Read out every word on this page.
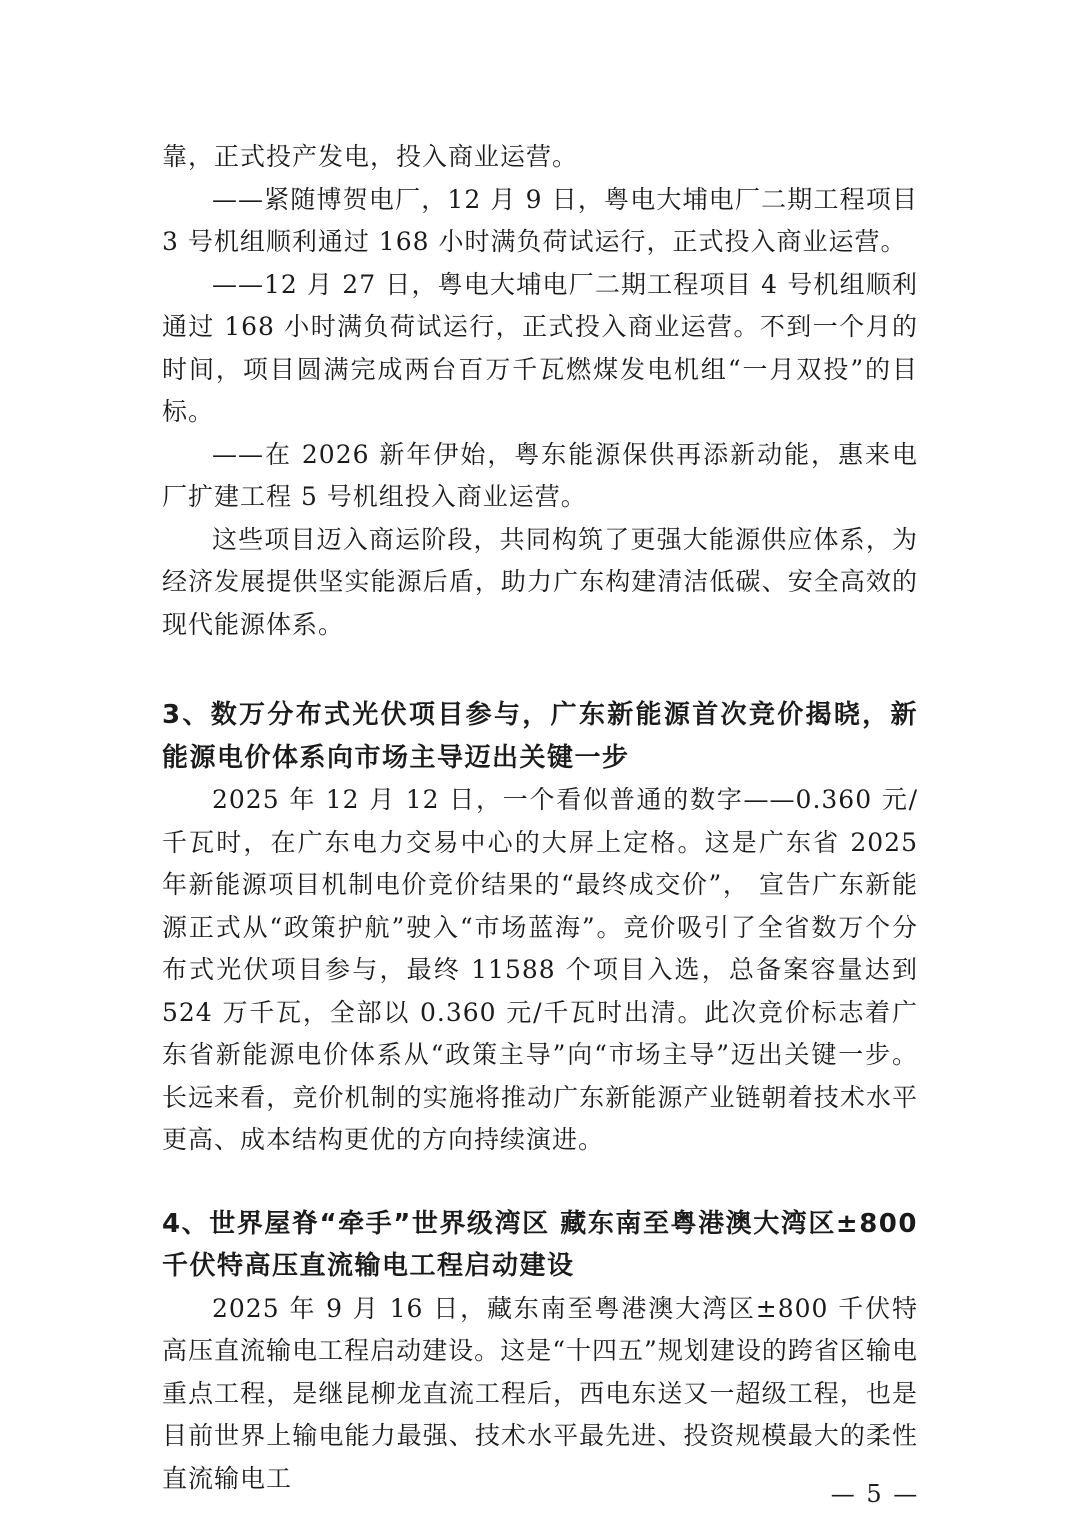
靠，正式投产发电，投入商业运营。

——紧随博贺电厂，12 月 9 日，粤电大埔电厂二期工程项目 3 号机组顺利通过 168 小时满负荷试运行，正式投入商业运营。

——12 月 27 日，粤电大埔电厂二期工程项目 4 号机组顺利通过 168 小时满负荷试运行，正式投入商业运营。不到一个月的时间，项目圆满完成两台百万千瓦燃煤发电机组“一月双投”的目标。

——在 2026 新年伊始，粤东能源保供再添新动能，惠来电厂扩建工程 5 号机组投入商业运营。

这些项目迈入商运阶段，共同构筑了更强大能源供应体系，为经济发展提供坚实能源后盾，助力广东构建清洁低碳、安全高效的现代能源体系。

3、数万分布式光伏项目参与，广东新能源首次竞价揭晓，新能源电价体系向市场主导迈出关键一步

2025 年 12 月 12 日，一个看似普通的数字——0.360 元/千瓦时，在广东电力交易中心的大屏上定格。这是广东省 2025 年新能源项目机制电价竞价结果的“最终成交价”， 宣告广东新能源正式从“政策护航”驶入“市场蓝海”。竞价吸引了全省数万个分布式光伏项目参与，最终 11588 个项目入选，总备案容量达到 524 万千瓦，全部以 0.360 元/千瓦时出清。此次竞价标志着广东省新能源电价体系从“政策主导”向“市场主导”迈出关键一步。长远来看，竞价机制的实施将推动广东新能源产业链朝着技术水平更高、成本结构更优的方向持续演进。

4、世界屋脊“牵手”世界级湾区 藏东南至粤港澳大湾区±800 千伏特高压直流输电工程启动建设

2025 年 9 月 16 日，藏东南至粤港澳大湾区±800 千伏特高压直流输电工程启动建设。这是“十四五”规划建设的跨省区输电重点工程，是继昆柳龙直流工程后，西电东送又一超级工程，也是目前世界上输电能力最强、技术水平最先进、投资规模最大的柔性直流输电工

— 5 —
